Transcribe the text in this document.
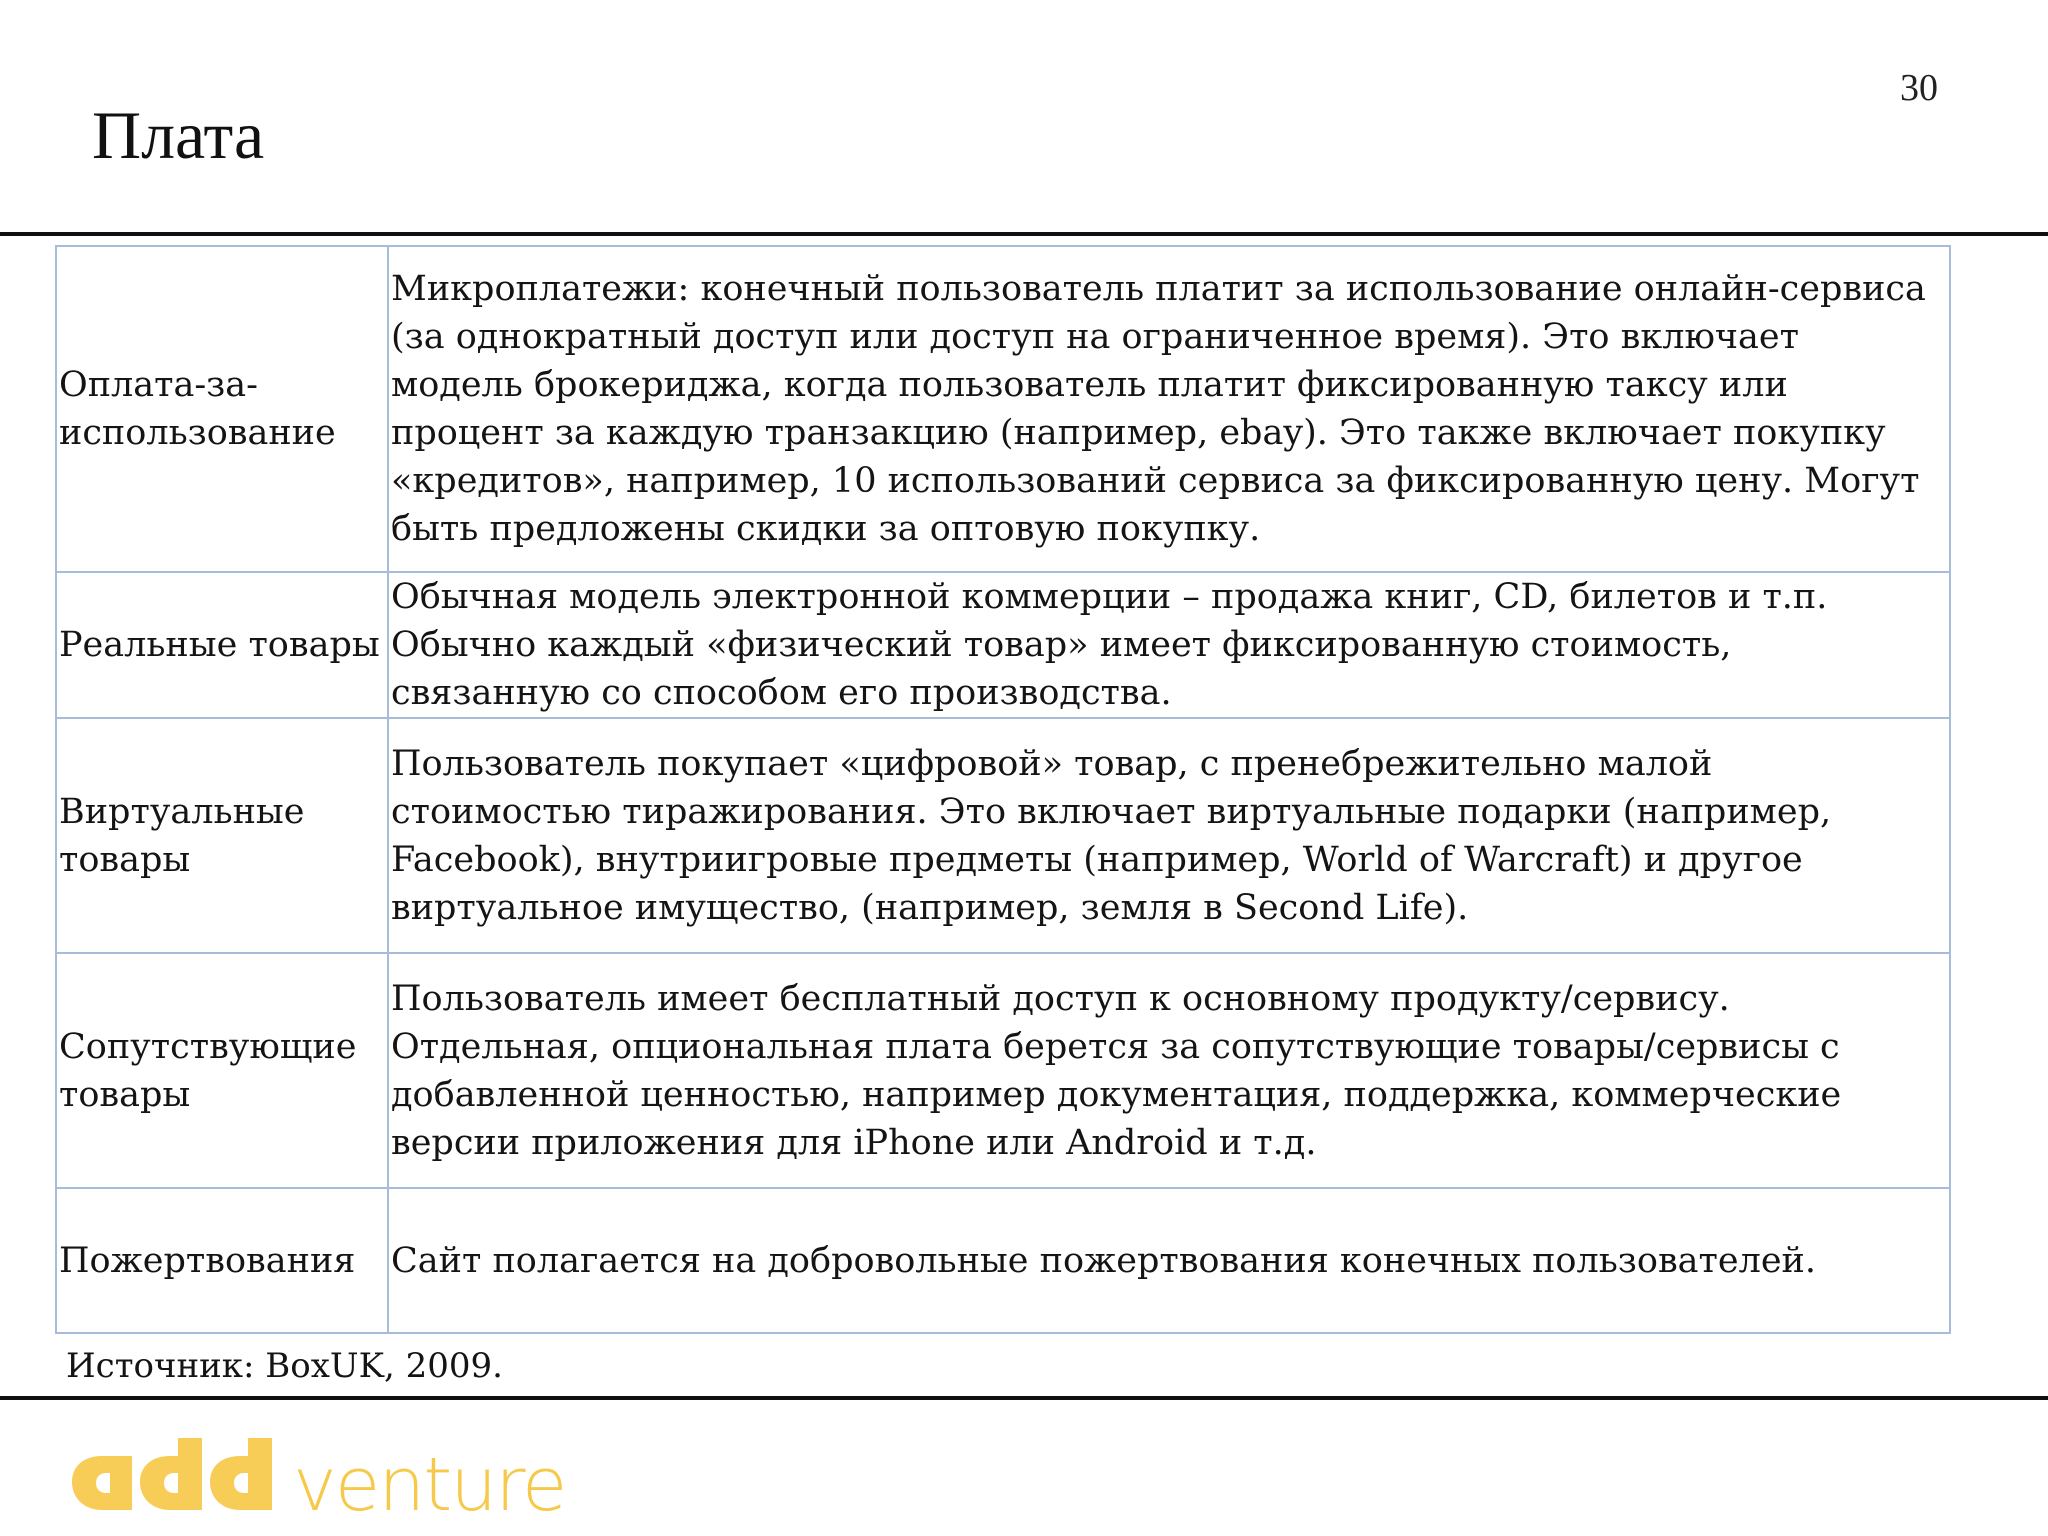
30
Плата
Оплата-за-использование	Микроплатежи: конечный пользователь платит за использование онлайн-сервиса (за однократный доступ или доступ на ограниченное время). Это включает модель брокериджа, когда пользователь платит фиксированную таксу или процент за каждую транзакцию (например, ebay). Это также включает покупку «кредитов», например, 10 использований сервиса за фиксированную цену. Могут быть предложены скидки за оптовую покупку.
Реальные товары	Обычная модель электронной коммерции – продажа книг, CD, билетов и т.п. Обычно каждый «физический товар» имеет фиксированную стоимость, связанную со способом его производства.
Виртуальные товары	Пользователь покупает «цифровой» товар, с пренебрежительно малой стоимостью тиражирования. Это включает виртуальные подарки (например, Facebook), внутриигровые предметы (например, World of Warcraft) и другое виртуальное имущество, (например, земля в Second Life).
Сопутствующие товары	Пользователь имеет бесплатный доступ к основному продукту/сервису. Отдельная, опциональная плата берется за сопутствующие товары/сервисы с добавленной ценностью, например документация, поддержка, коммерческие версии приложения для iPhone или Android и т.д.
Пожертвования	Сайт полагается на добровольные пожертвования конечных пользователей.
Источник: BoxUK, 2009.
venture
